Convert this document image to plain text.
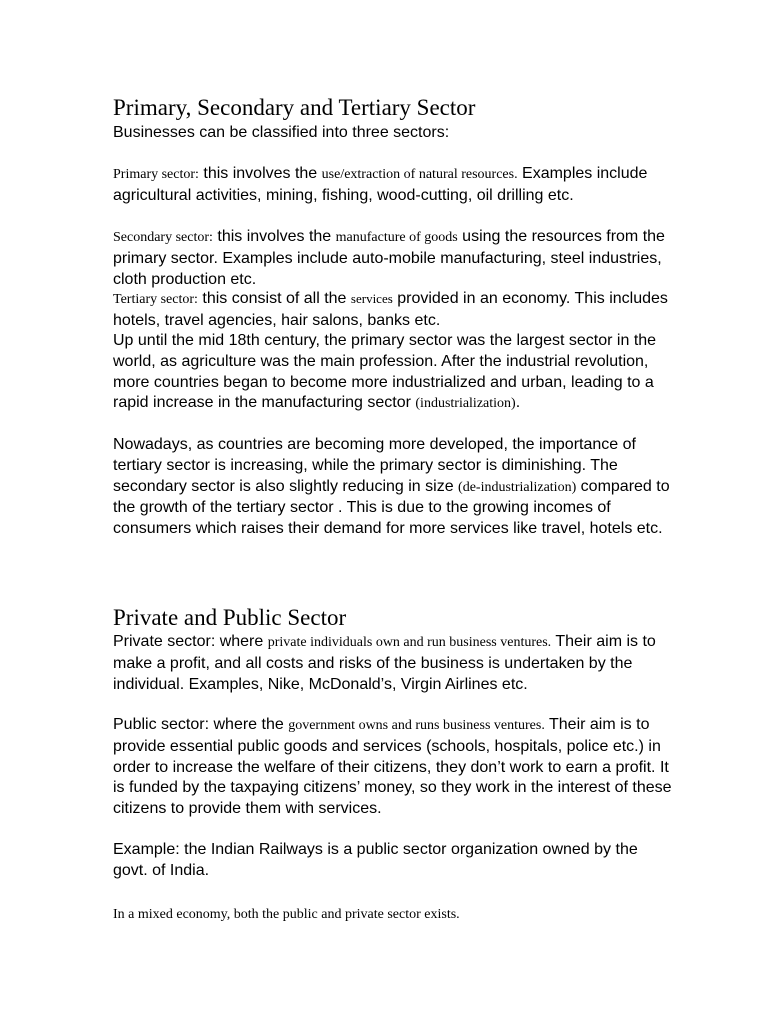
Primary, Secondary and Tertiary Sector

Businesses can be classified into three sectors:

Primary sector: this involves the use/extraction of natural resources. Examples include agricultural activities, mining, fishing, wood-cutting, oil drilling etc.

Secondary sector: this involves the manufacture of goods using the resources from the primary sector. Examples include auto-mobile manufacturing, steel industries, cloth production etc.

Tertiary sector: this consist of all the services provided in an economy. This includes hotels, travel agencies, hair salons, banks etc.

Up until the mid 18th century, the primary sector was the largest sector in the world, as agriculture was the main profession. After the industrial revolution, more countries began to become more industrialized and urban, leading to a rapid increase in the manufacturing sector (industrialization).

Nowadays, as countries are becoming more developed, the importance of tertiary sector is increasing, while the primary sector is diminishing. The secondary sector is also slightly reducing in size (de-industrialization) compared to the growth of the tertiary sector . This is due to the growing incomes of consumers which raises their demand for more services like travel, hotels etc.

Private and Public Sector

Private sector: where private individuals own and run business ventures. Their aim is to make a profit, and all costs and risks of the business is undertaken by the individual. Examples, Nike, McDonald’s, Virgin Airlines etc.

Public sector: where the government owns and runs business ventures. Their aim is to provide essential public goods and services (schools, hospitals, police etc.) in order to increase the welfare of their citizens, they don’t work to earn a profit. It is funded by the taxpaying citizens’ money, so they work in the interest of these citizens to provide them with services.

Example: the Indian Railways is a public sector organization owned by the govt. of India.

In a mixed economy, both the public and private sector exists.
